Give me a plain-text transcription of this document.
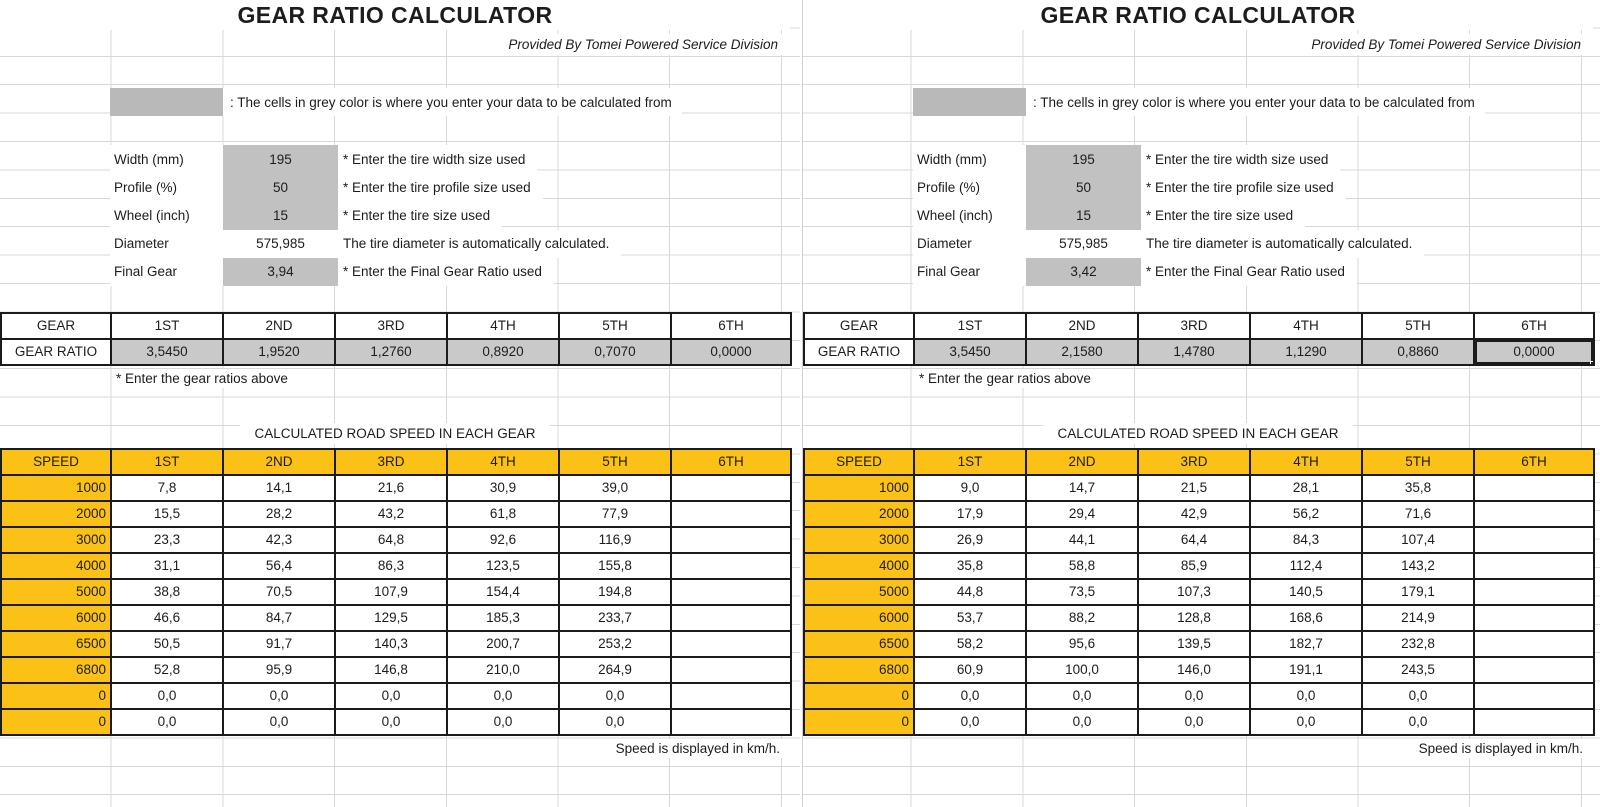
GEAR RATIO CALCULATOR
Provided By Tomei Powered Service Division
: The cells in grey color is where you enter your data to be calculated from
Width (mm)	195	* Enter the tire width size used
Profile (%)	50	* Enter the tire profile size used
Wheel (inch)	15	* Enter the tire size used
Diameter	575,985	The tire diameter is automatically calculated.
Final Gear	3,94	* Enter the Final Gear Ratio used
GEAR	1ST	2ND	3RD	4TH	5TH	6TH
GEAR RATIO	3,5450	1,9520	1,2760	0,8920	0,7070	0,0000
* Enter the gear ratios above
CALCULATED ROAD SPEED IN EACH GEAR
SPEED	1ST	2ND	3RD	4TH	5TH	6TH
1000	7,8	14,1	21,6	30,9	39,0	
2000	15,5	28,2	43,2	61,8	77,9	
3000	23,3	42,3	64,8	92,6	116,9	
4000	31,1	56,4	86,3	123,5	155,8	
5000	38,8	70,5	107,9	154,4	194,8	
6000	46,6	84,7	129,5	185,3	233,7	
6500	50,5	91,7	140,3	200,7	253,2	
6800	52,8	95,9	146,8	210,0	264,9	
0	0,0	0,0	0,0	0,0	0,0	
0	0,0	0,0	0,0	0,0	0,0	
Speed is displayed in km/h.
GEAR RATIO CALCULATOR
Provided By Tomei Powered Service Division
: The cells in grey color is where you enter your data to be calculated from
Width (mm)	195	* Enter the tire width size used
Profile (%)	50	* Enter the tire profile size used
Wheel (inch)	15	* Enter the tire size used
Diameter	575,985	The tire diameter is automatically calculated.
Final Gear	3,42	* Enter the Final Gear Ratio used
GEAR	1ST	2ND	3RD	4TH	5TH	6TH
GEAR RATIO	3,5450	2,1580	1,4780	1,1290	0,8860	0,0000
* Enter the gear ratios above
CALCULATED ROAD SPEED IN EACH GEAR
SPEED	1ST	2ND	3RD	4TH	5TH	6TH
1000	9,0	14,7	21,5	28,1	35,8	
2000	17,9	29,4	42,9	56,2	71,6	
3000	26,9	44,1	64,4	84,3	107,4	
4000	35,8	58,8	85,9	112,4	143,2	
5000	44,8	73,5	107,3	140,5	179,1	
6000	53,7	88,2	128,8	168,6	214,9	
6500	58,2	95,6	139,5	182,7	232,8	
6800	60,9	100,0	146,0	191,1	243,5	
0	0,0	0,0	0,0	0,0	0,0	
0	0,0	0,0	0,0	0,0	0,0	
Speed is displayed in km/h.
